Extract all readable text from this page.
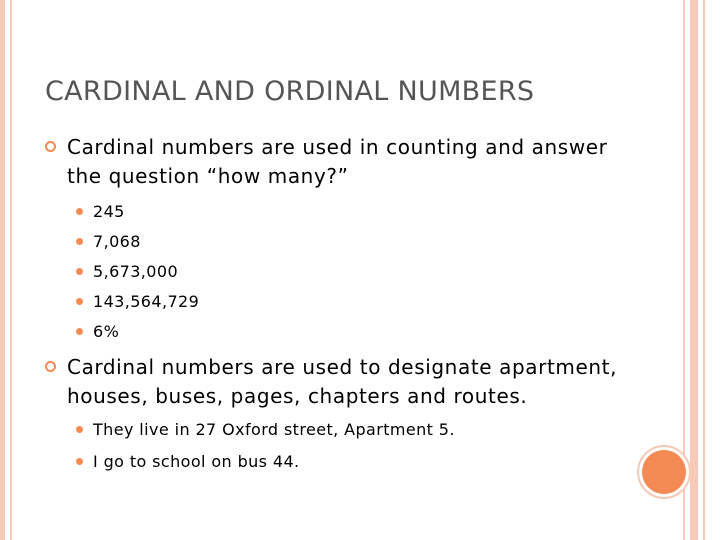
CARDINAL AND ORDINAL NUMBERS
Cardinal numbers are used in counting and answer the question “how many?”
245
7,068
5,673,000
143,564,729
6%
Cardinal numbers are used to designate apartment, houses, buses, pages, chapters and routes.
They live in 27 Oxford street, Apartment 5.
I go to school on bus 44.
